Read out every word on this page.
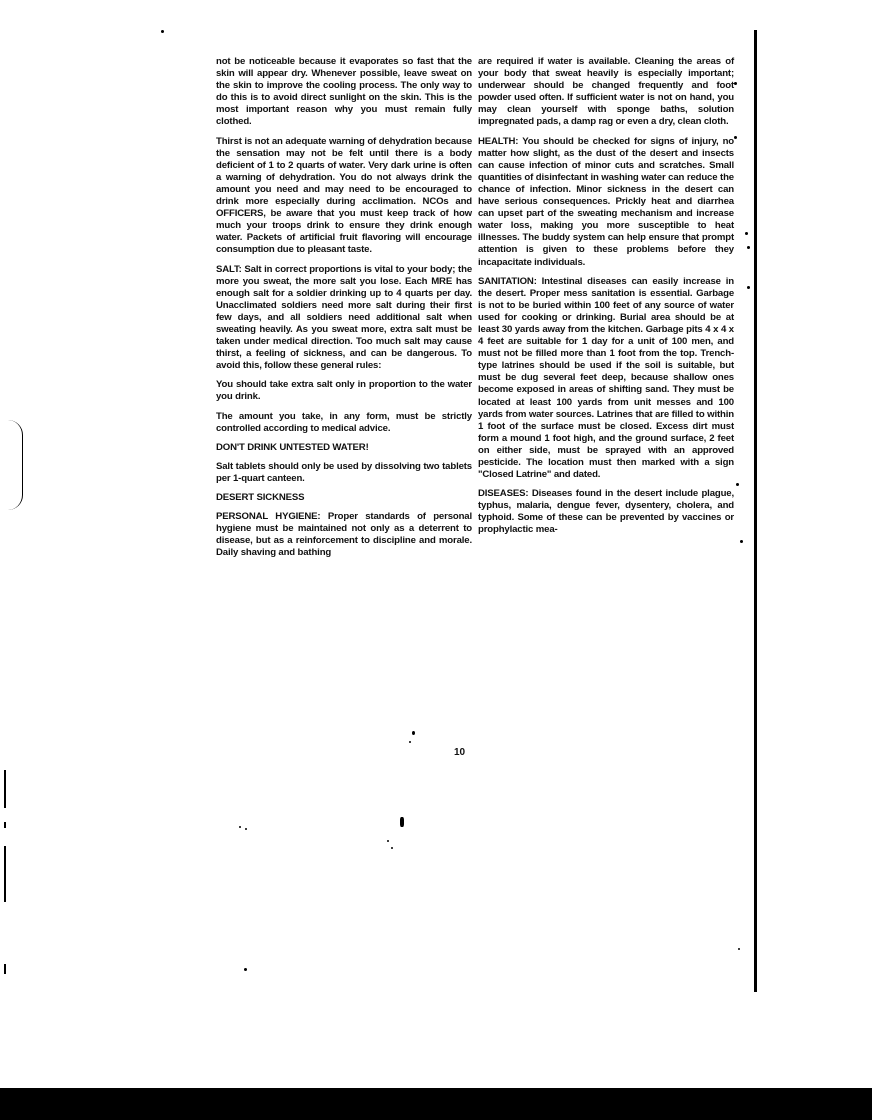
not be noticeable because it evaporates so fast that the skin will appear dry. Whenever possible, leave sweat on the skin to improve the cooling process. The only way to do this is to avoid direct sunlight on the skin. This is the most important reason why you must remain fully clothed.

Thirst is not an adequate warning of dehydration because the sensation may not be felt until there is a body deficient of 1 to 2 quarts of water. Very dark urine is often a warning of dehydration. You do not always drink the amount you need and may need to be encouraged to drink more especially during acclimation. NCOs and OFFICERS, be aware that you must keep track of how much your troops drink to ensure they drink enough water. Packets of artificial fruit flavoring will encourage consumption due to pleasant taste.

SALT: Salt in correct proportions is vital to your body; the more you sweat, the more salt you lose. Each MRE has enough salt for a soldier drinking up to 4 quarts per day. Unacclimated soldiers need more salt during their first few days, and all soldiers need additional salt when sweating heavily. As you sweat more, extra salt must be taken under medical direction. Too much salt may cause thirst, a feeling of sickness, and can be dangerous. To avoid this, follow these general rules:

You should take extra salt only in proportion to the water you drink.

The amount you take, in any form, must be strictly controlled according to medical advice.

DON'T DRINK UNTESTED WATER!

Salt tablets should only be used by dissolving two tablets per 1-quart canteen.

DESERT SICKNESS

PERSONAL HYGIENE: Proper standards of personal hygiene must be maintained not only as a deterrent to disease, but as a reinforcement to discipline and morale. Daily shaving and bathing

are required if water is available. Cleaning the areas of your body that sweat heavily is especially important; underwear should be changed frequently and foot powder used often. If sufficient water is not on hand, you may clean yourself with sponge baths, solution impregnated pads, a damp rag or even a dry, clean cloth.

HEALTH: You should be checked for signs of injury, no matter how slight, as the dust of the desert and insects can cause infection of minor cuts and scratches. Small quantities of disinfectant in washing water can reduce the chance of infection. Minor sickness in the desert can have serious consequences. Prickly heat and diarrhea can upset part of the sweating mechanism and increase water loss, making you more susceptible to heat illnesses. The buddy system can help ensure that prompt attention is given to these problems before they incapacitate individuals.

SANITATION: Intestinal diseases can easily increase in the desert. Proper mess sanitation is essential. Garbage is not to be buried within 100 feet of any source of water used for cooking or drinking. Burial area should be at least 30 yards away from the kitchen. Garbage pits 4 x 4 x 4 feet are suitable for 1 day for a unit of 100 men, and must not be filled more than 1 foot from the top. Trench-type latrines should be used if the soil is suitable, but must be dug several feet deep, because shallow ones become exposed in areas of shifting sand. They must be located at least 100 yards from unit messes and 100 yards from water sources. Latrines that are filled to within 1 foot of the surface must be closed. Excess dirt must form a mound 1 foot high, and the ground surface, 2 feet on either side, must be sprayed with an approved pesticide. The location must then marked with a sign "Closed Latrine" and dated.

DISEASES: Diseases found in the desert include plague, typhus, malaria, dengue fever, dysentery, cholera, and typhoid. Some of these can be prevented by vaccines or prophylactic mea-

10
